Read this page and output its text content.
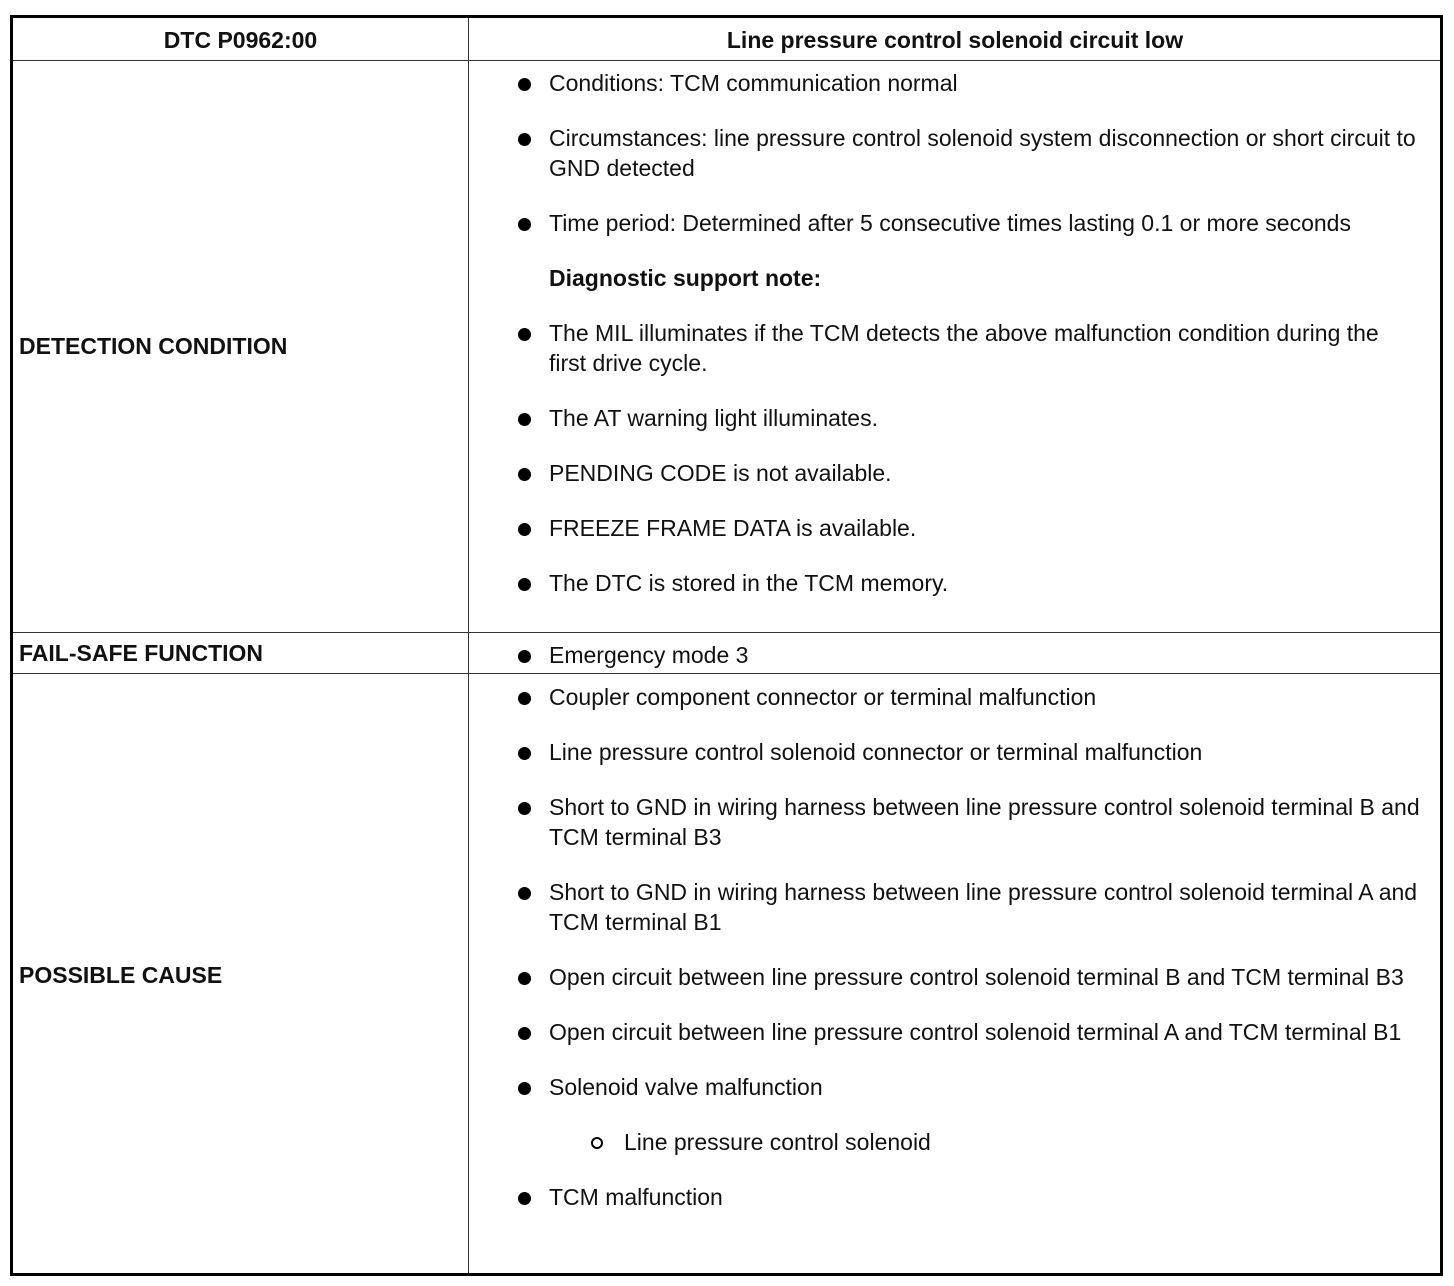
DTC P0962:00	Line pressure control solenoid circuit low
DETECTION CONDITION
Conditions: TCM communication normal
Circumstances: line pressure control solenoid system disconnection or short circuit to GND detected
Time period: Determined after 5 consecutive times lasting 0.1 or more seconds
Diagnostic support note:
The MIL illuminates if the TCM detects the above malfunction condition during the first drive cycle.
The AT warning light illuminates.
PENDING CODE is not available.
FREEZE FRAME DATA is available.
The DTC is stored in the TCM memory.
FAIL-SAFE FUNCTION	Emergency mode 3
POSSIBLE CAUSE
Coupler component connector or terminal malfunction
Line pressure control solenoid connector or terminal malfunction
Short to GND in wiring harness between line pressure control solenoid terminal B and TCM terminal B3
Short to GND in wiring harness between line pressure control solenoid terminal A and TCM terminal B1
Open circuit between line pressure control solenoid terminal B and TCM terminal B3
Open circuit between line pressure control solenoid terminal A and TCM terminal B1
Solenoid valve malfunction
Line pressure control solenoid
TCM malfunction
